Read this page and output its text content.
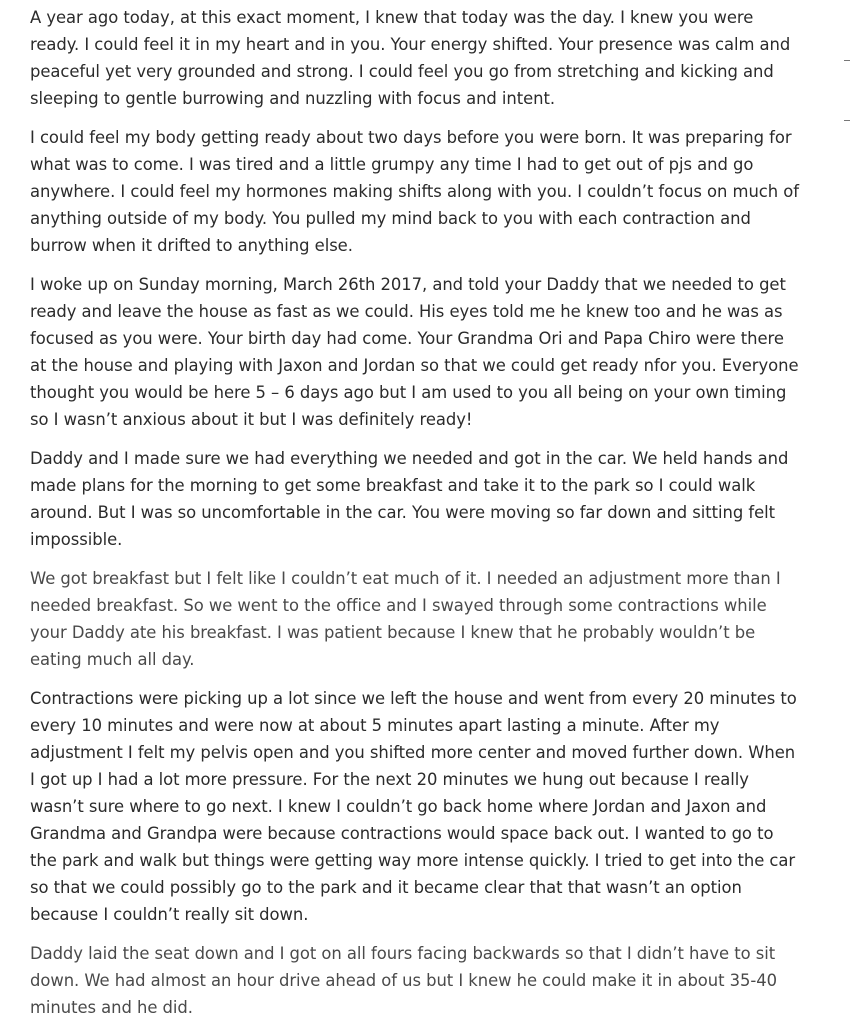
A year ago today, at this exact moment, I knew that today was the day. I knew you were ready. I could feel it in my heart and in you. Your energy shifted. Your presence was calm and peaceful yet very grounded and strong. I could feel you go from stretching and kicking and sleeping to gentle burrowing and nuzzling with focus and intent.

I could feel my body getting ready about two days before you were born. It was preparing for what was to come. I was tired and a little grumpy any time I had to get out of pjs and go anywhere. I could feel my hormones making shifts along with you. I couldn’t focus on much of anything outside of my body. You pulled my mind back to you with each contraction and burrow when it drifted to anything else.

I woke up on Sunday morning, March 26th 2017, and told your Daddy that we needed to get ready and leave the house as fast as we could. His eyes told me he knew too and he was as focused as you were. Your birth day had come. Your Grandma Ori and Papa Chiro were there at the house and playing with Jaxon and Jordan so that we could get ready nfor you. Everyone thought you would be here 5 – 6 days ago but I am used to you all being on your own timing so I wasn’t anxious about it but I was definitely ready!

Daddy and I made sure we had everything we needed and got in the car. We held hands and made plans for the morning to get some breakfast and take it to the park so I could walk around. But I was so uncomfortable in the car. You were moving so far down and sitting felt impossible.

We got breakfast but I felt like I couldn’t eat much of it. I needed an adjustment more than I needed breakfast. So we went to the office and I swayed through some contractions while your Daddy ate his breakfast. I was patient because I knew that he probably wouldn’t be eating much all day.

Contractions were picking up a lot since we left the house and went from every 20 minutes to every 10 minutes and were now at about 5 minutes apart lasting a minute. After my adjustment I felt my pelvis open and you shifted more center and moved further down. When I got up I had a lot more pressure. For the next 20 minutes we hung out because I really wasn’t sure where to go next. I knew I couldn’t go back home where Jordan and Jaxon and Grandma and Grandpa were because contractions would space back out. I wanted to go to the park and walk but things were getting way more intense quickly. I tried to get into the car so that we could possibly go to the park and it became clear that that wasn’t an option because I couldn’t really sit down.

Daddy laid the seat down and I got on all fours facing backwards so that I didn’t have to sit down. We had almost an hour drive ahead of us but I knew he could make it in about 35-40 minutes and he did.
